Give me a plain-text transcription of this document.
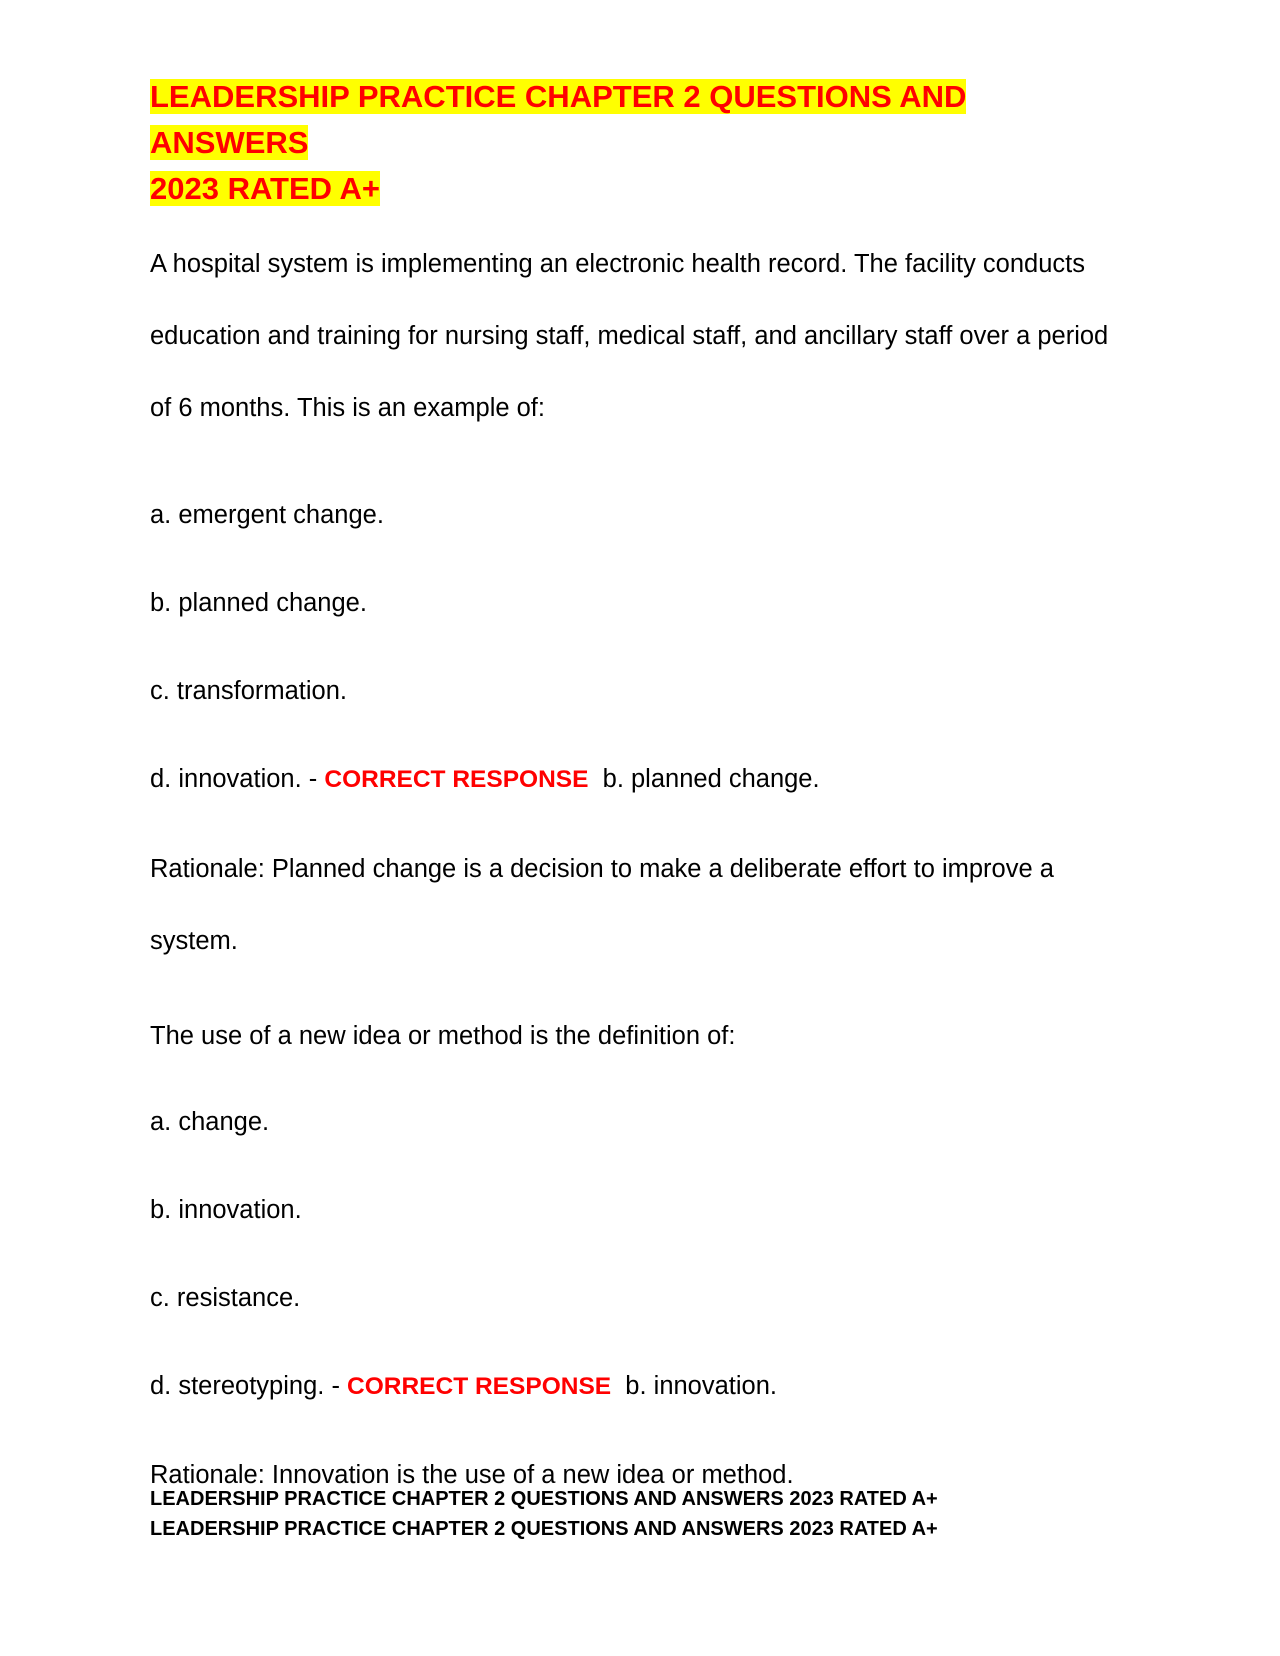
LEADERSHIP PRACTICE CHAPTER 2 QUESTIONS AND ANSWERS
2023 RATED A+

A hospital system is implementing an electronic health record. The facility conducts education and training for nursing staff, medical staff, and ancillary staff over a period of 6 months. This is an example of:

a. emergent change.

b. planned change.

c. transformation.

d. innovation. - CORRECT RESPONSE b. planned change.

Rationale: Planned change is a decision to make a deliberate effort to improve a system.

The use of a new idea or method is the definition of:

a. change.

b. innovation.

c. resistance.

d. stereotyping. - CORRECT RESPONSE b. innovation.

Rationale: Innovation is the use of a new idea or method.

LEADERSHIP PRACTICE CHAPTER 2 QUESTIONS AND ANSWERS 2023 RATED A+
LEADERSHIP PRACTICE CHAPTER 2 QUESTIONS AND ANSWERS 2023 RATED A+
